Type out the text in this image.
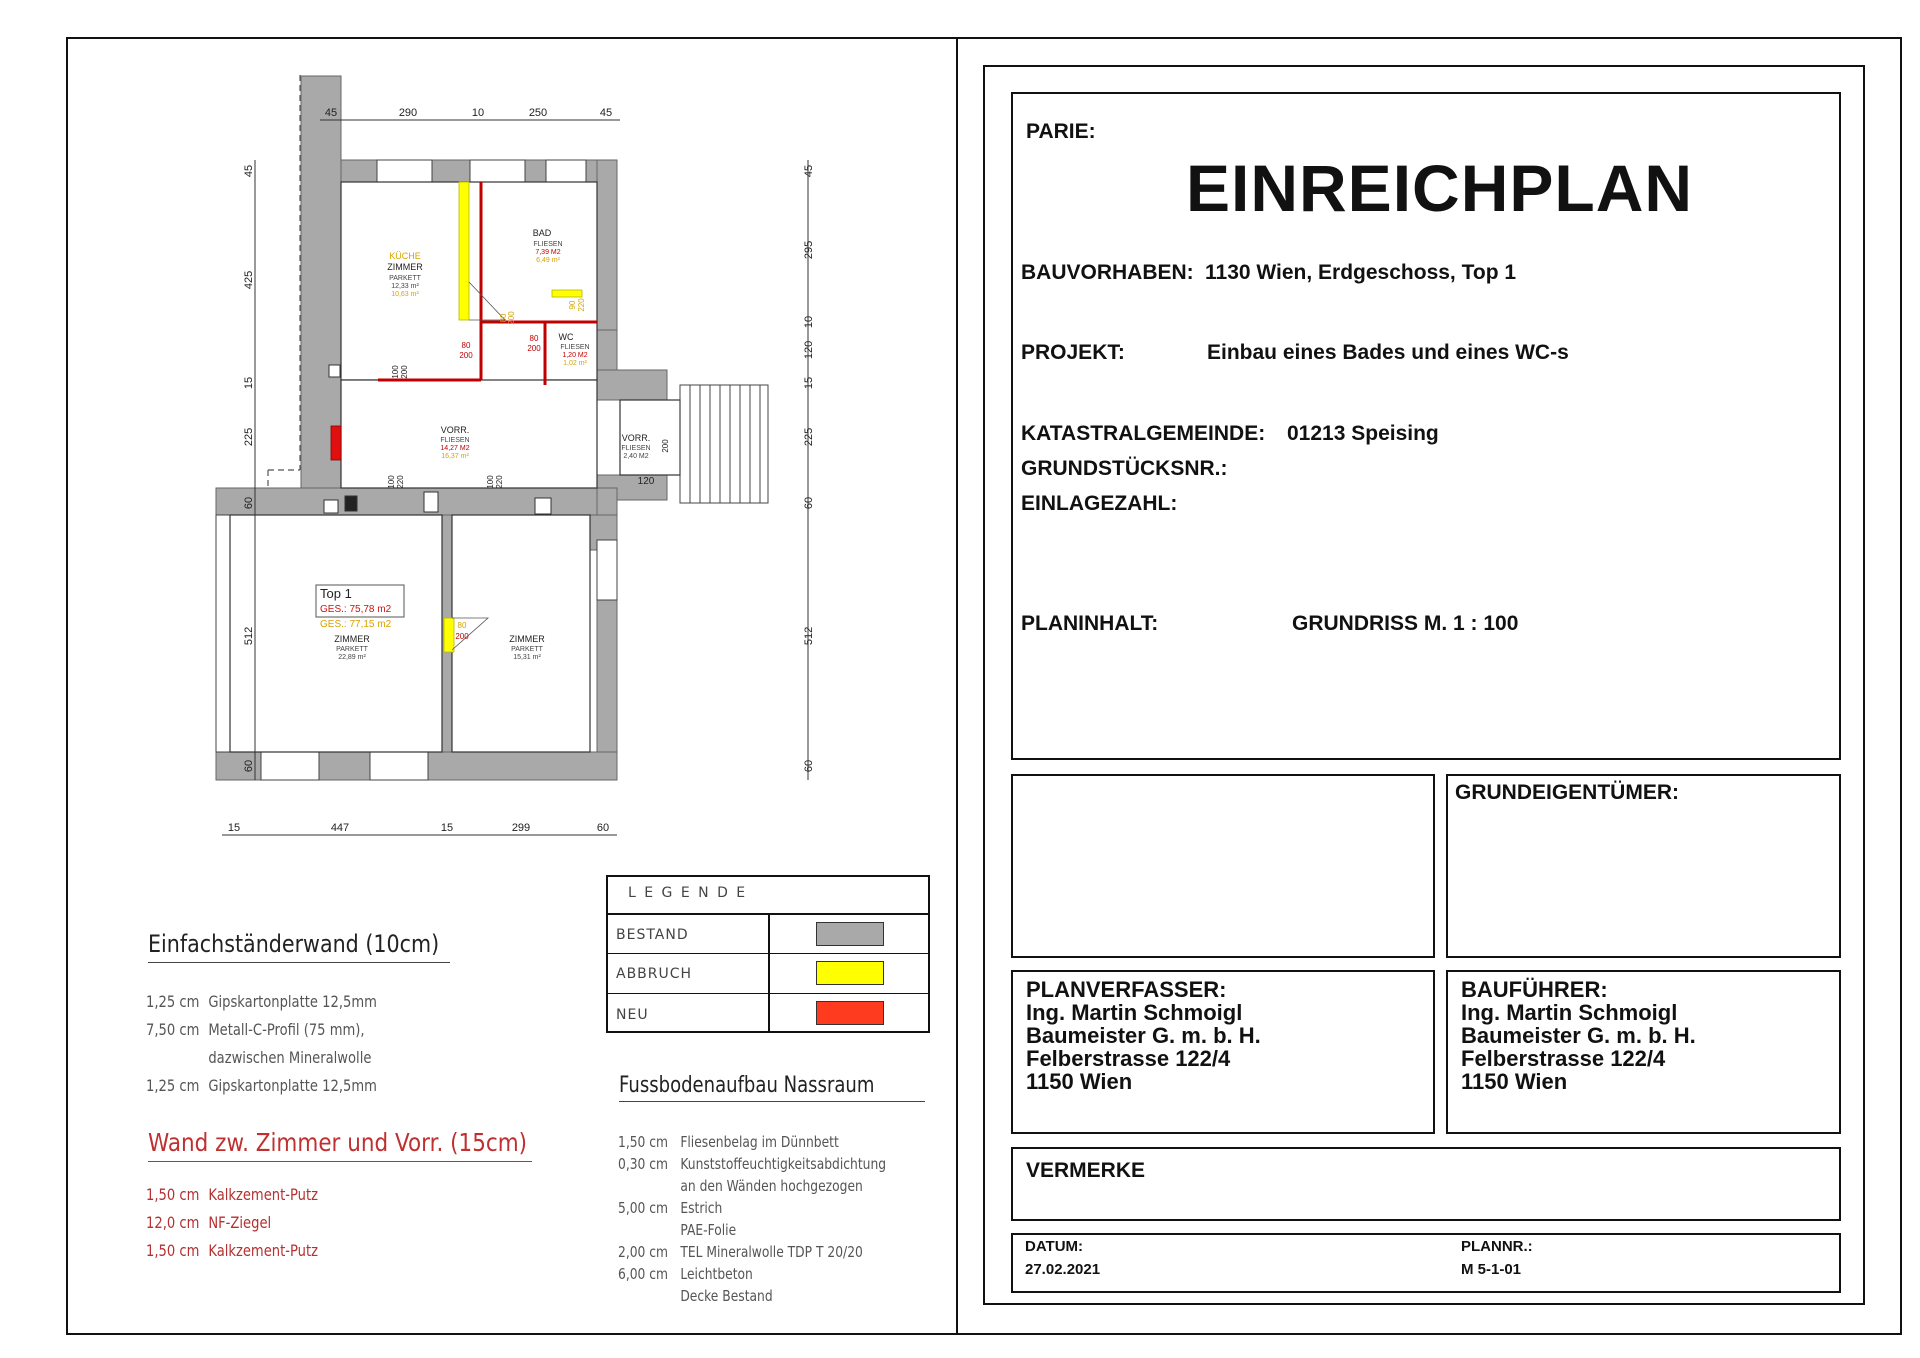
45	290	10	250	45
15	447	15	299	60
45
425
15
225
60
512
60
45
295
10
120
15
225
60
512
60
KÜCHE
ZIMMER
PARKETT
12,33 m²
10,63 m²
BAD
FLIESEN
7,39 M2
6,49 m²
WC
FLIESEN
1,20 M2
1,02 m²
VORR.
FLIESEN
14,27 M2
16,37 m²
VORR.
FLIESEN
2,40 M2
120
ZIMMER
PARKETT
22,89 m²
ZIMMER
PARKETT
15,31 m²
Top 1
GES.: 75,78 m2
GES.: 77,15 m2
80
200
80
200
80
200
100 200
100 220	100 220
80 200
90 220
200
L E G E N D E
BESTAND
ABBRUCH
NEU
Einfachständerwand (10cm)
1,25 cm Gipskartonplatte 12,5mm
7,50 cm Metall-C-Profil (75 mm),
dazwischen Mineralwolle
1,25 cm Gipskartonplatte 12,5mm
Wand zw. Zimmer und Vorr. (15cm)
1,50 cm Kalkzement-Putz
12,0 cm NF-Ziegel
1,50 cm Kalkzement-Putz
Fussbodenaufbau Nassraum
1,50 cm Fliesenbelag im Dünnbett
0,30 cm Kunststoffeuchtigkeitsabdichtung
an den Wänden hochgezogen
5,00 cm Estrich
PAE-Folie
2,00 cm TEL Mineralwolle TDP T 20/20
6,00 cm Leichtbeton
Decke Bestand
PARIE:
EINREICHPLAN
BAUVORHABEN: 1130 Wien, Erdgeschoss, Top 1
PROJEKT:	Einbau eines Bades und eines WC-s
KATASTRALGEMEINDE: 01213 Speising
GRUNDSTÜCKSNR.:
EINLAGEZAHL:
PLANINHALT:	GRUNDRISS M. 1 : 100
GRUNDEIGENTÜMER:
PLANVERFASSER:
Ing. Martin Schmoigl
Baumeister G. m. b. H.
Felberstrasse 122/4
1150 Wien
BAUFÜHRER:
Ing. Martin Schmoigl
Baumeister G. m. b. H.
Felberstrasse 122/4
1150 Wien
VERMERKE
DATUM:
27.02.2021
PLANNR.:
M 5-1-01
